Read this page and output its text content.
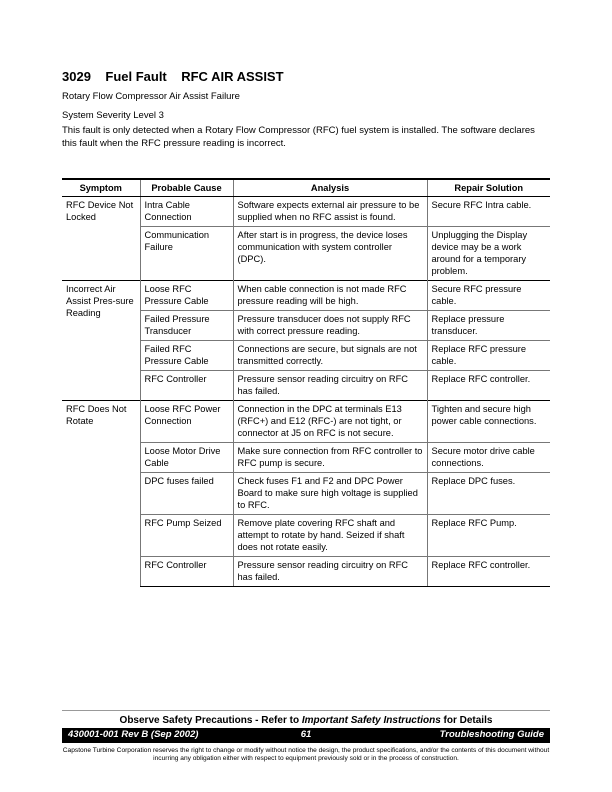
3029 Fuel Fault RFC AIR ASSIST
Rotary Flow Compressor Air Assist Failure
System Severity Level 3
This fault is only detected when a Rotary Flow Compressor (RFC) fuel system is installed. The software declares this fault when the RFC pressure reading is incorrect.
Symptom	Probable Cause	Analysis	Repair Solution
RFC Device Not Locked	Intra Cable Connection	Software expects external air pressure to be supplied when no RFC assist is found.	Secure RFC Intra cable.
	Communication Failure	After start is in progress, the device loses communication with system controller (DPC).	Unplugging the Display device may be a work around for a temporary problem.
Incorrect Air Assist Pres-sure Reading	Loose RFC Pressure Cable	When cable connection is not made RFC pressure reading will be high.	Secure RFC pressure cable.
	Failed Pressure Transducer	Pressure transducer does not supply RFC with correct pressure reading.	Replace pressure transducer.
	Failed RFC Pressure Cable	Connections are secure, but signals are not transmitted correctly.	Replace RFC pressure cable.
	RFC Controller	Pressure sensor reading circuitry on RFC has failed.	Replace RFC controller.
RFC Does Not Rotate	Loose RFC Power Connection	Connection in the DPC at terminals E13 (RFC+) and E12 (RFC-) are not tight, or connector at J5 on RFC is not secure.	Tighten and secure high power cable connections.
	Loose Motor Drive Cable	Make sure connection from RFC controller to RFC pump is secure.	Secure motor drive cable connections.
	DPC fuses failed	Check fuses F1 and F2 and DPC Power Board to make sure high voltage is supplied to RFC.	Replace DPC fuses.
	RFC Pump Seized	Remove plate covering RFC shaft and attempt to rotate by hand. Seized if shaft does not rotate easily.	Replace RFC Pump.
	RFC Controller	Pressure sensor reading circuitry on RFC has failed.	Replace RFC controller.
Observe Safety Precautions - Refer to Important Safety Instructions for Details
61
430001-001 Rev B (Sep 2002)	Troubleshooting Guide
Capstone Turbine Corporation reserves the right to change or modify without notice the design, the product specifications, and/or the contents of this document without incurring any obligation either with respect to equipment previously sold or in the process of construction.
